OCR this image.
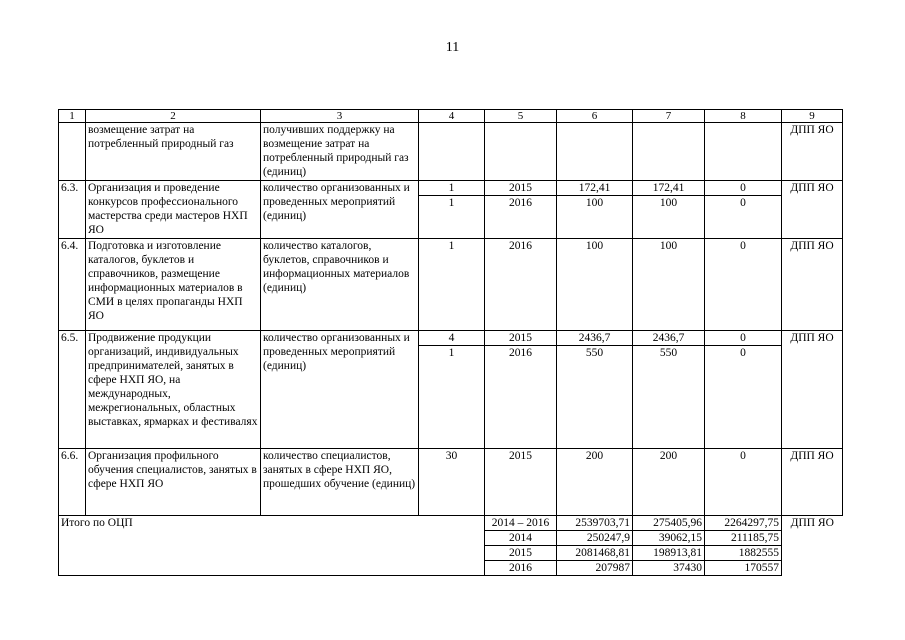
11
1	2	3	4	5	6	7	8	9
	возмещение затрат на потребленный природный газ	получивших поддержку на возмещение затрат на потребленный природный газ (единиц)						ДПП ЯО
6.3.	Организация и проведение конкурсов профессионального мастерства среди мастеров НХП ЯО	количество организованных и проведенных мероприятий (единиц)	1	2015	172,41	172,41	0	ДПП ЯО
			1	2016	100	100	0	
6.4.	Подготовка и изготовление каталогов, буклетов и справочников, размещение информационных материалов в СМИ в целях пропаганды НХП ЯО	количество каталогов, буклетов, справочников и информационных материалов (единиц)	1	2016	100	100	0	ДПП ЯО
6.5.	Продвижение продукции организаций, индивидуальных предпринимателей, занятых в сфере НХП ЯО, на международных, межрегиональных, областных выставках, ярмарках и фестивалях	количество организованных и проведенных мероприятий (единиц)	4	2015	2436,7	2436,7	0	ДПП ЯО
			1	2016	550	550	0	
6.6.	Организация профильного обучения специалистов, занятых в сфере НХП ЯО	количество специалистов, занятых в сфере НХП ЯО, прошедших обучение (единиц)	30	2015	200	200	0	ДПП ЯО
Итого по ОЦП				2014 – 2016	2539703,71	275405,96	2264297,75	ДПП ЯО
				2014	250247,9	39062,15	211185,75	
				2015	2081468,81	198913,81	1882555	
				2016	207987	37430	170557	
